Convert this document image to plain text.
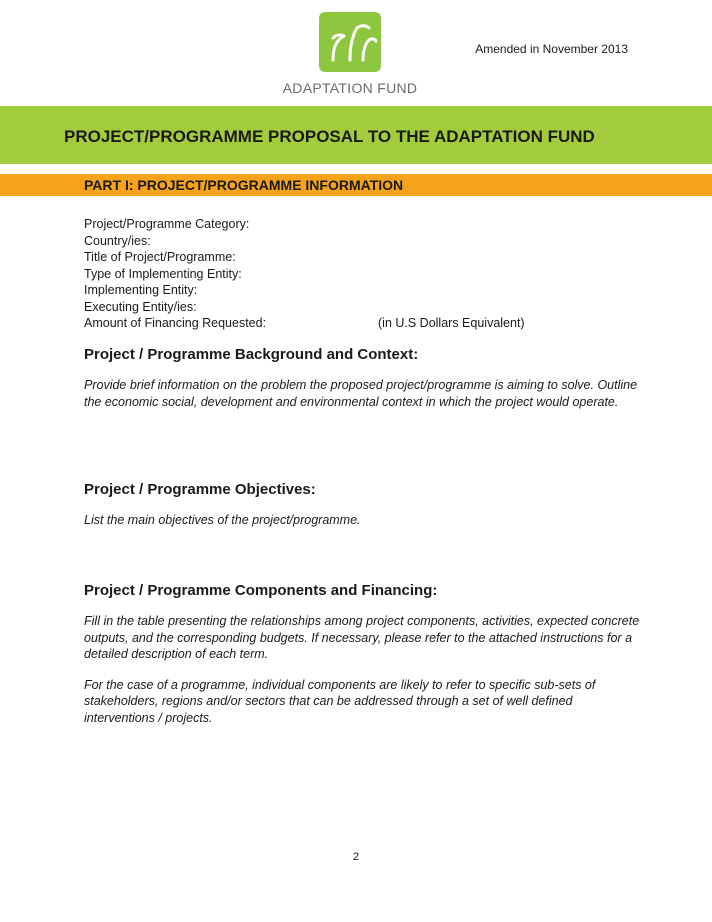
ADAPTATION FUND
Amended in November 2013
PROJECT/PROGRAMME PROPOSAL TO THE ADAPTATION FUND
PART I: PROJECT/PROGRAMME INFORMATION
Project/Programme Category:
Country/ies:
Title of Project/Programme:
Type of Implementing Entity:
Implementing Entity:
Executing Entity/ies:
Amount of Financing Requested:	(in U.S Dollars Equivalent)
Project / Programme Background and Context:

Provide brief information on the problem the proposed project/programme is aiming to solve. Outline the economic social, development and environmental context in which the project would operate.

Project / Programme Objectives:

List the main objectives of the project/programme.

Project / Programme Components and Financing:

Fill in the table presenting the relationships among project components, activities, expected concrete outputs, and the corresponding budgets. If necessary, please refer to the attached instructions for a detailed description of each term.

For the case of a programme, individual components are likely to refer to specific sub-sets of stakeholders, regions and/or sectors that can be addressed through a set of well defined interventions / projects.

2
